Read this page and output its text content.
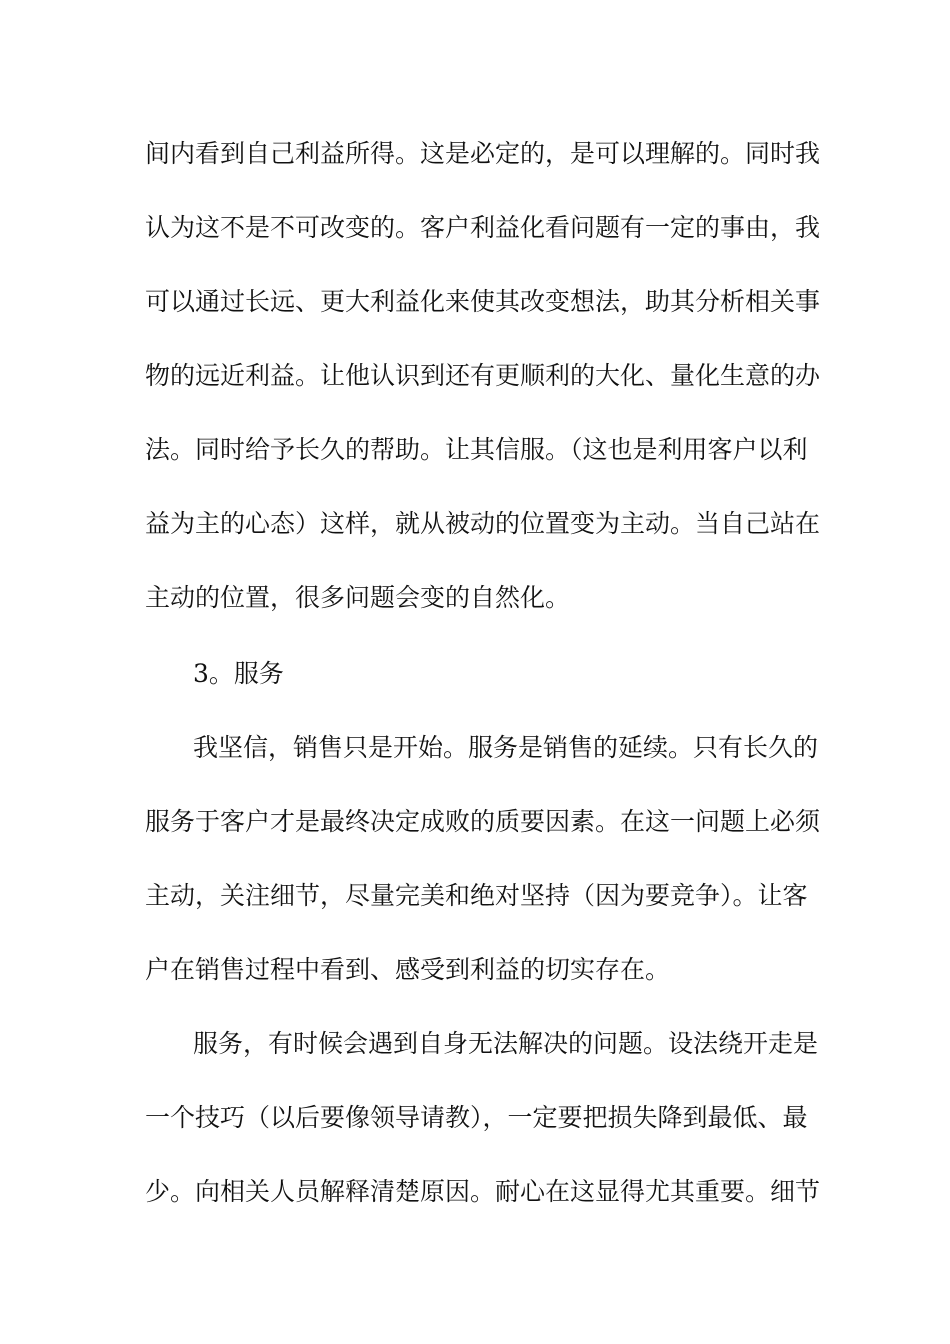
间内看到自己利益所得。这是必定的，是可以理解的。同时我
认为这不是不可改变的。客户利益化看问题有一定的事由，我
可以通过长远、更大利益化来使其改变想法，助其分析相关事
物的远近利益。让他认识到还有更顺利的大化、量化生意的办
法。同时给予长久的帮助。让其信服。（这也是利用客户以利
益为主的心态）这样，就从被动的位置变为主动。当自己站在
主动的位置，很多问题会变的自然化。
3。服务
我坚信，销售只是开始。服务是销售的延续。只有长久的
服务于客户才是最终决定成败的质要因素。在这一问题上必须
主动，关注细节，尽量完美和绝对坚持（因为要竞争）。让客
户在销售过程中看到、感受到利益的切实存在。
服务，有时候会遇到自身无法解决的问题。设法绕开走是
一个技巧（以后要像领导请教），一定要把损失降到最低、最
少。向相关人员解释清楚原因。耐心在这显得尤其重要。细节
